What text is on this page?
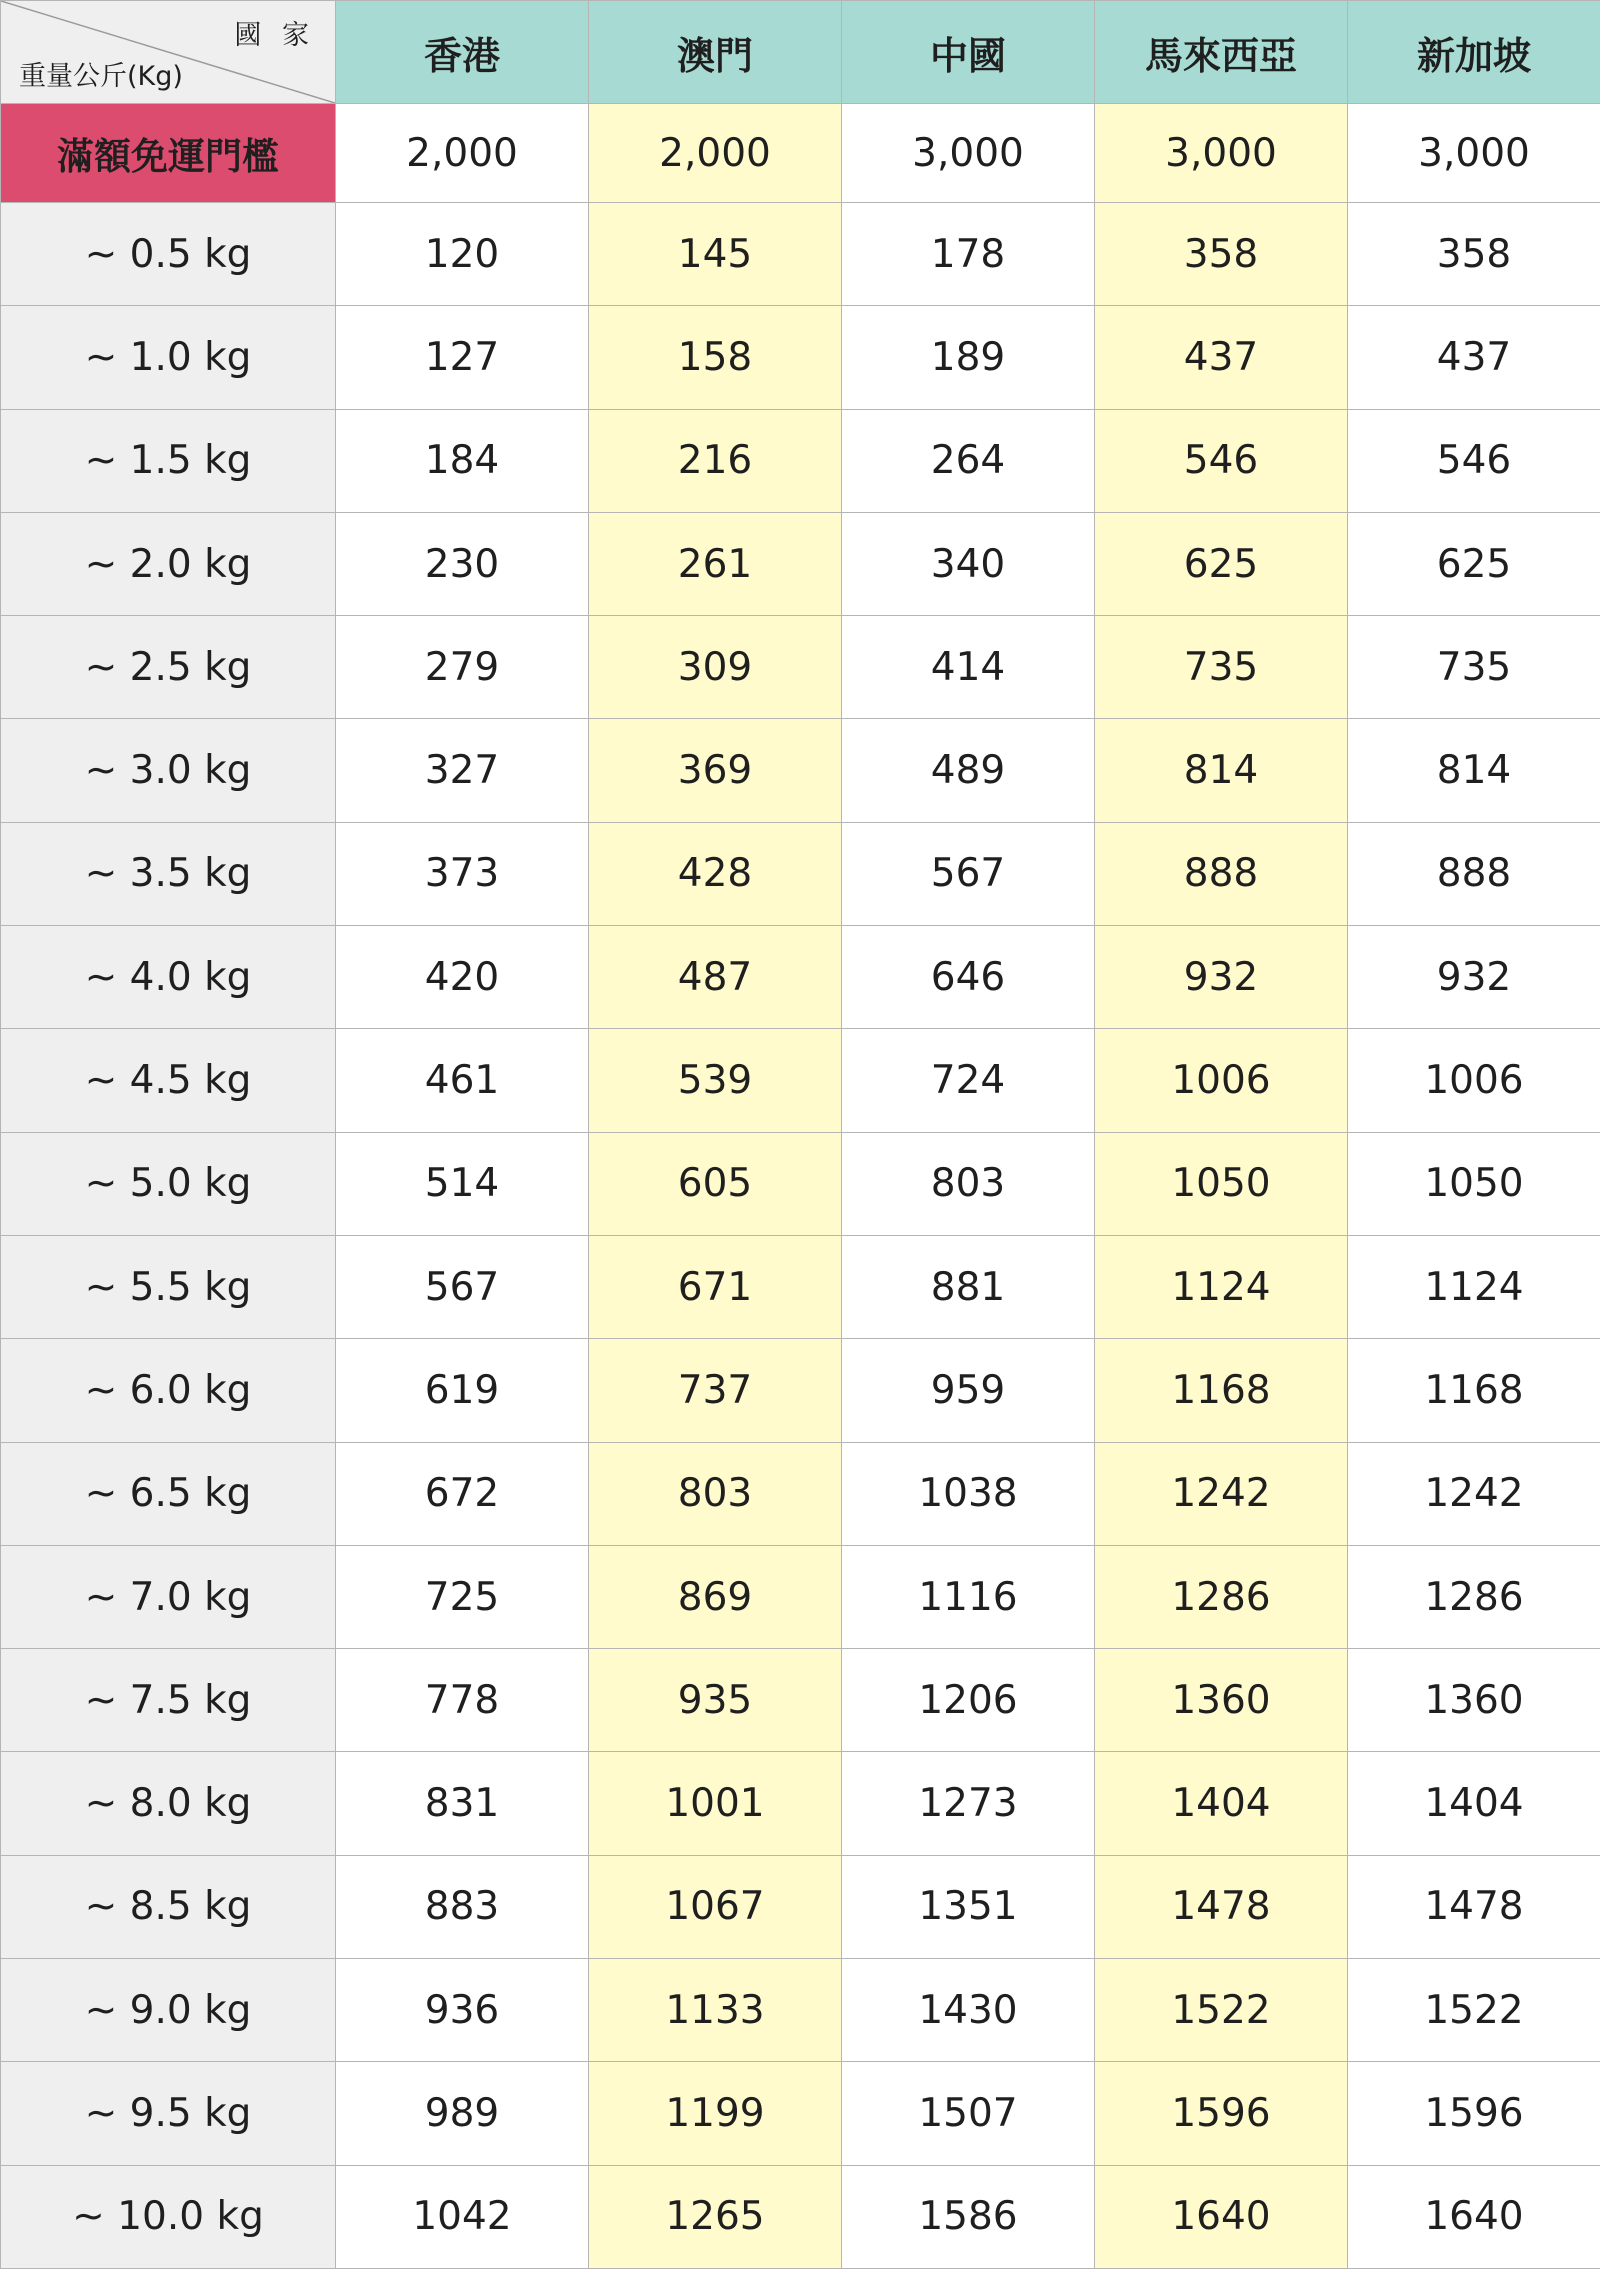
國 家
重量公斤(Kg)	香港	澳門	中國	馬來西亞	新加坡
滿額免運門檻	2,000	2,000	3,000	3,000	3,000
~ 0.5 kg	120	145	178	358	358
~ 1.0 kg	127	158	189	437	437
~ 1.5 kg	184	216	264	546	546
~ 2.0 kg	230	261	340	625	625
~ 2.5 kg	279	309	414	735	735
~ 3.0 kg	327	369	489	814	814
~ 3.5 kg	373	428	567	888	888
~ 4.0 kg	420	487	646	932	932
~ 4.5 kg	461	539	724	1006	1006
~ 5.0 kg	514	605	803	1050	1050
~ 5.5 kg	567	671	881	1124	1124
~ 6.0 kg	619	737	959	1168	1168
~ 6.5 kg	672	803	1038	1242	1242
~ 7.0 kg	725	869	1116	1286	1286
~ 7.5 kg	778	935	1206	1360	1360
~ 8.0 kg	831	1001	1273	1404	1404
~ 8.5 kg	883	1067	1351	1478	1478
~ 9.0 kg	936	1133	1430	1522	1522
~ 9.5 kg	989	1199	1507	1596	1596
~ 10.0 kg	1042	1265	1586	1640	1640
